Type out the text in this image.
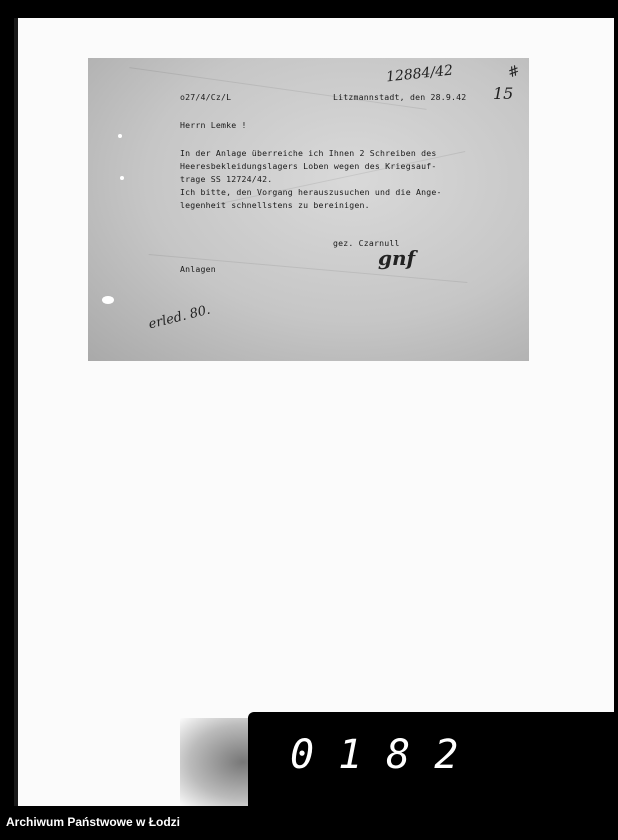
o27/4/Cz/L	Litzmannstadt, den 28.9.42
12884/42
15
#
Herrn Lemke !
In der Anlage überreiche ich Ihnen 2 Schreiben des
Heeresbekleidungslagers Loben wegen des Kriegsauf-
trage SS 12724/42.
Ich bitte, den Vorgang herauszusuchen und die Ange-
legenheit schnellstens zu bereinigen.
gez. Czarnull
gnf
Anlagen
erled. 80.
0182
Archiwum Państwowe w Łodzi
